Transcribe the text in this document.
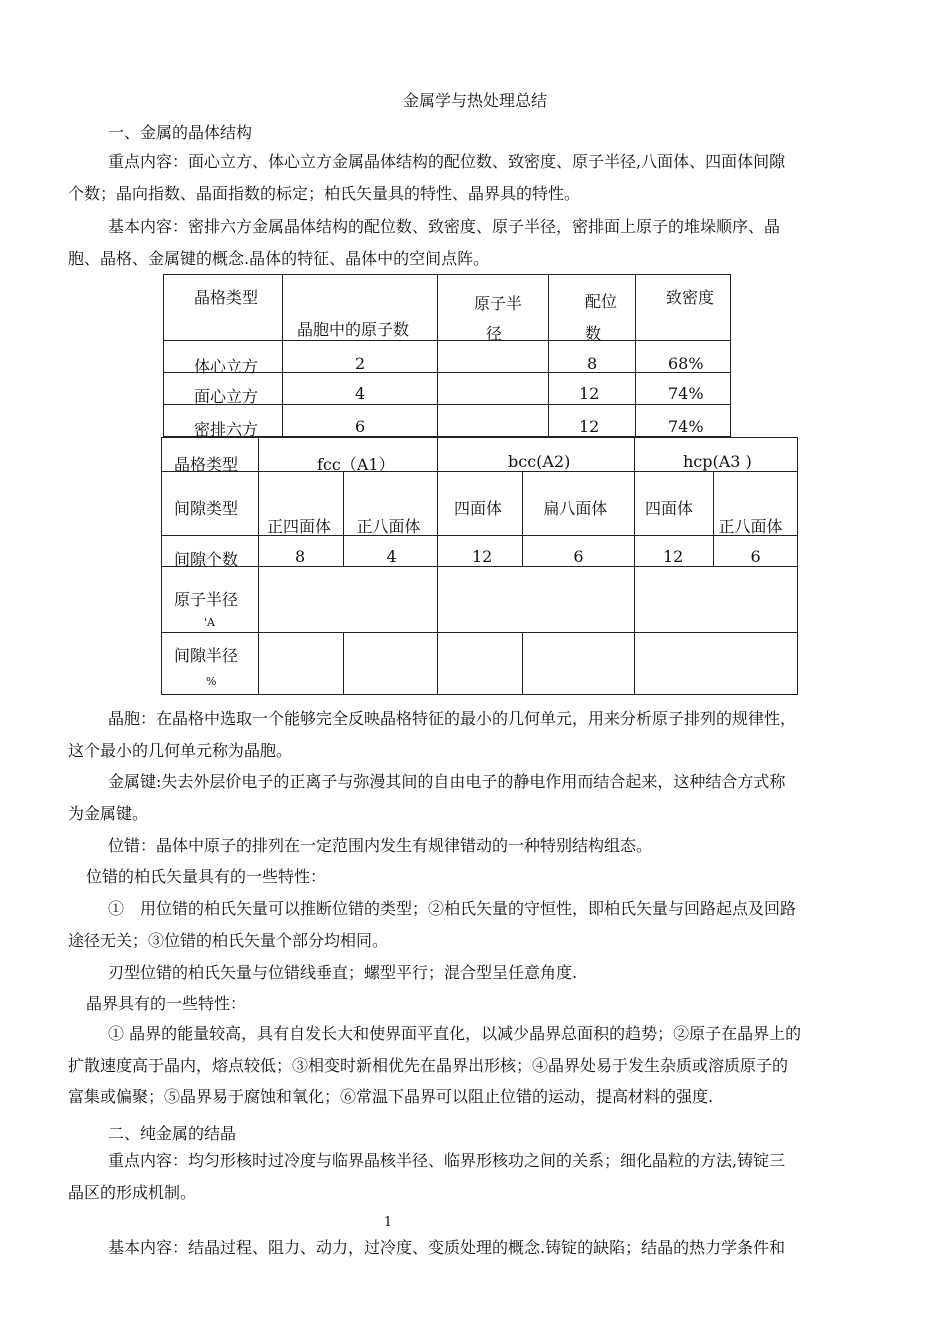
金属学与热处理总结
一、金属的晶体结构
重点内容：面心立方、体心立方金属晶体结构的配位数、致密度、原子半径,八面体、四面体间隙
个数；晶向指数、晶面指数的标定；柏氏矢量具的特性、晶界具的特性。
基本内容：密排六方金属晶体结构的配位数、致密度、原子半径，密排面上原子的堆垛顺序、晶
胞、晶格、金属键的概念.晶体的特征、晶体中的空间点阵。
晶格类型	晶胞中的原子数	原子半
径	配位
数	致密度

体心立方	2		8	68%

面心立方	4		12	74%

密排六方	6		12	74%
晶格类型	fcc（A1）		bcc(A2)		hcp(A3 )	

间隙类型	正四面体	正八面体	四面体	扁八面体	四面体	正八面体

间隙个数	8	4	12	6	12	6

原子半径
'A						

间隙半径
%						

晶胞：在晶格中选取一个能够完全反映晶格特征的最小的几何单元，用来分析原子排列的规律性，
这个最小的几何单元称为晶胞。
金属键:失去外层价电子的正离子与弥漫其间的自由电子的静电作用而结合起来，这种结合方式称
为金属键。
位错：晶体中原子的排列在一定范围内发生有规律错动的一种特别结构组态。
位错的柏氏矢量具有的一些特性：
①　用位错的柏氏矢量可以推断位错的类型；②柏氏矢量的守恒性，即柏氏矢量与回路起点及回路
途径无关；③位错的柏氏矢量个部分均相同。
刃型位错的柏氏矢量与位错线垂直；螺型平行；混合型呈任意角度.
晶界具有的一些特性：
① 晶界的能量较高，具有自发长大和使界面平直化，以减少晶界总面积的趋势；②原子在晶界上的
扩散速度高于晶内，熔点较低；③相变时新相优先在晶界出形核；④晶界处易于发生杂质或溶质原子的
富集或偏聚；⑤晶界易于腐蚀和氧化；⑥常温下晶界可以阻止位错的运动，提高材料的强度.
二、纯金属的结晶
重点内容：均匀形核时过冷度与临界晶核半径、临界形核功之间的关系；细化晶粒的方法,铸锭三
晶区的形成机制。
1
基本内容：结晶过程、阻力、动力，过冷度、变质处理的概念.铸锭的缺陷；结晶的热力学条件和
